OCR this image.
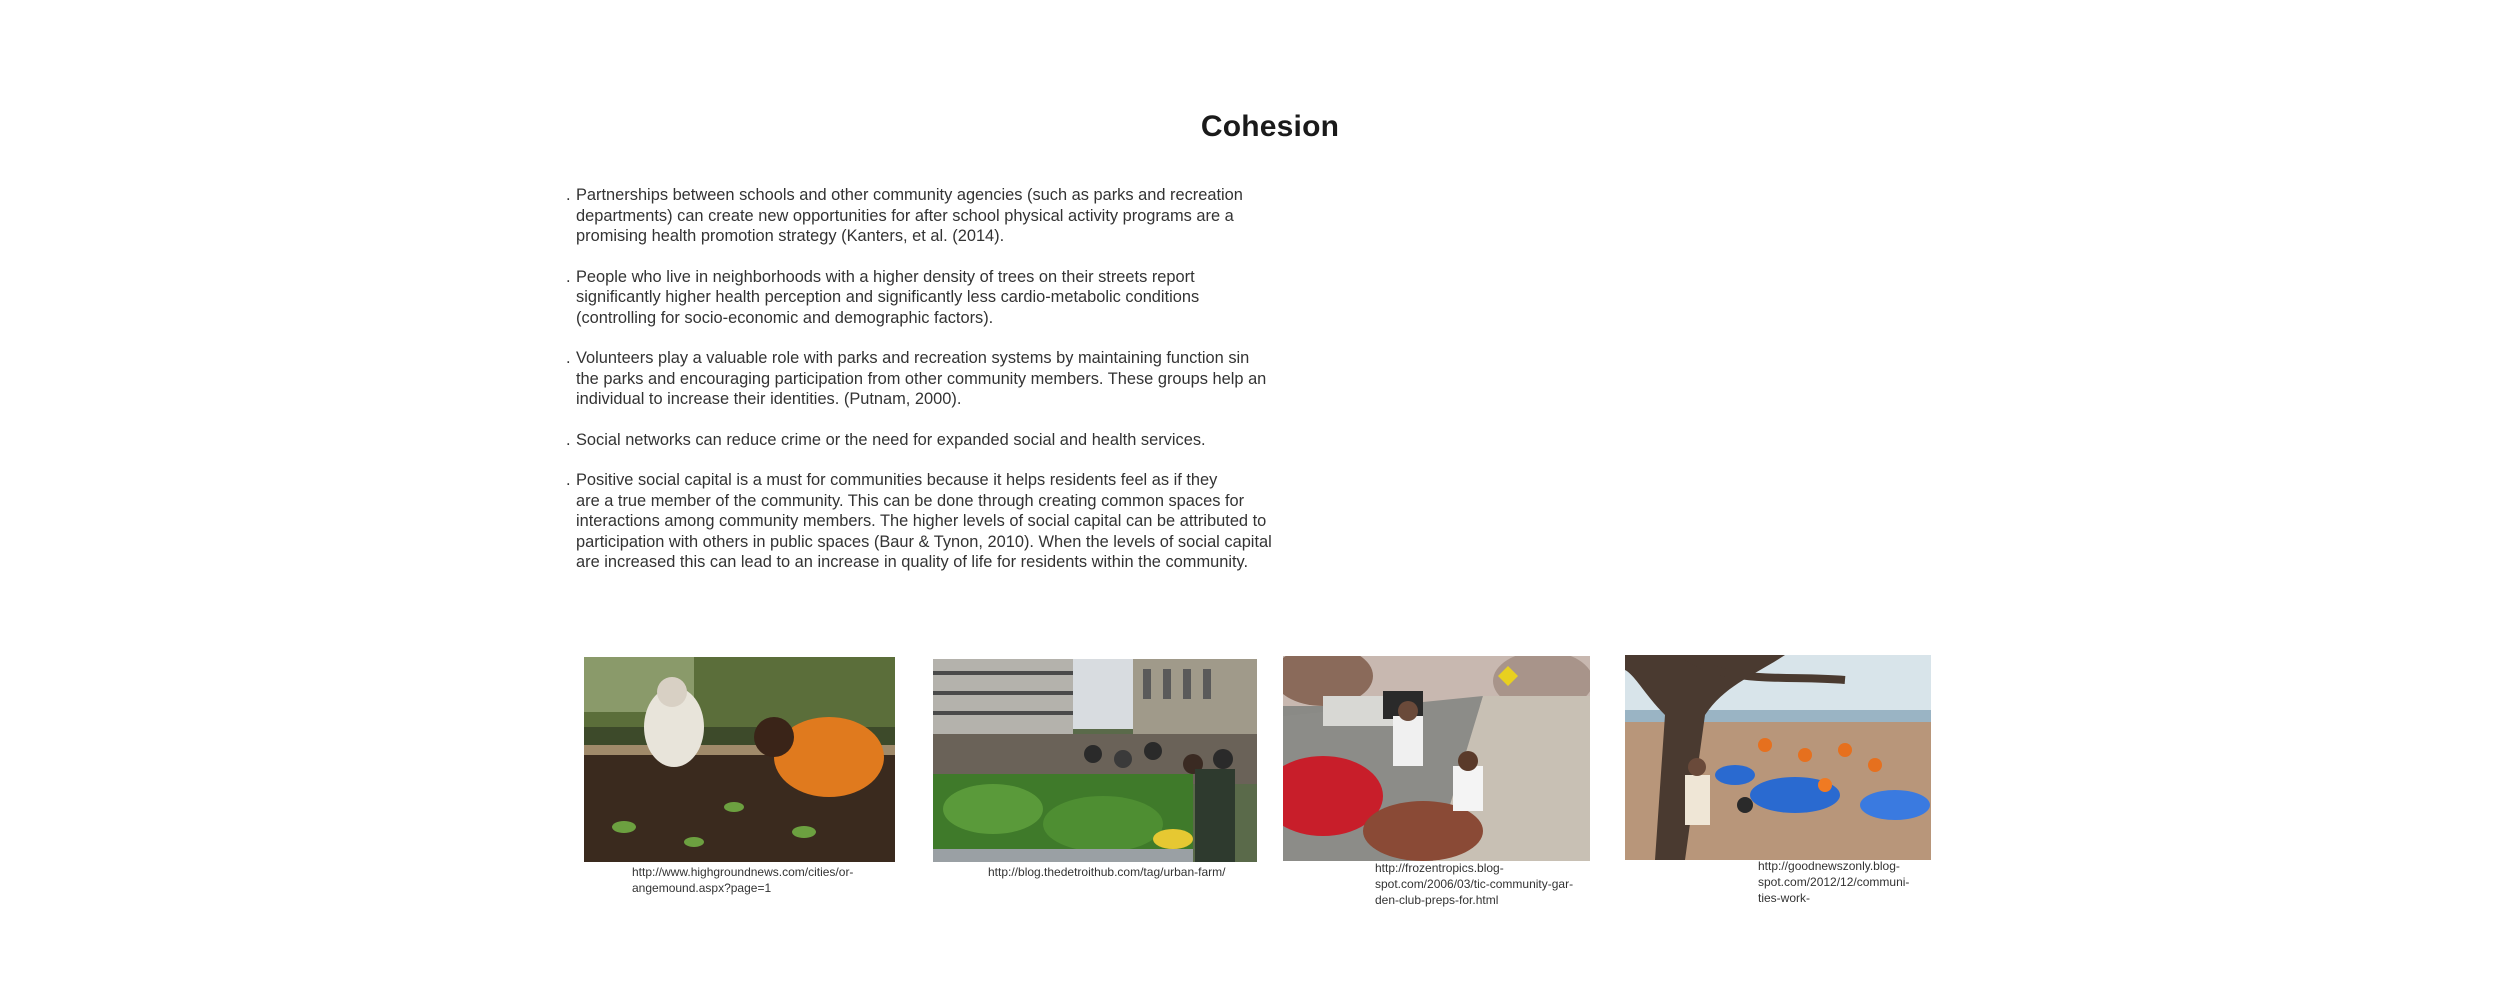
Cohesion
. Partnerships between schools and other community agencies (such as parks and recreation
departments) can create new opportunities for after school physical activity programs are a
promising health promotion strategy (Kanters, et al. (2014).
. People who live in neighborhoods with a higher density of trees on their streets report
significantly higher health perception and significantly less cardio-metabolic conditions
(controlling for socio-economic and demographic factors).
. Volunteers play a valuable role with parks and recreation systems by maintaining function sin
the parks and encouraging participation from other community members. These groups help an
individual to increase their identities. (Putnam, 2000).
. Social networks can reduce crime or the need for expanded social and health services.
. Positive social capital is a must for communities because it helps residents feel as if they
are a true member of the community. This can be done through creating common spaces for
interactions among community members. The higher levels of social capital can be attributed to
participation with others in public spaces (Baur & Tynon, 2010). When the levels of social capital
are increased this can lead to an increase in quality of life for residents within the community.
http://www.highgroundnews.com/cities/or-
angemound.aspx?page=1
http://blog.thedetroithub.com/tag/urban-farm/	http://frozentropics.blog-
spot.com/2006/03/tic-community-gar-
den-club-preps-for.html
http://goodnewszonly.blog-
spot.com/2012/12/communi-
ties-work-
